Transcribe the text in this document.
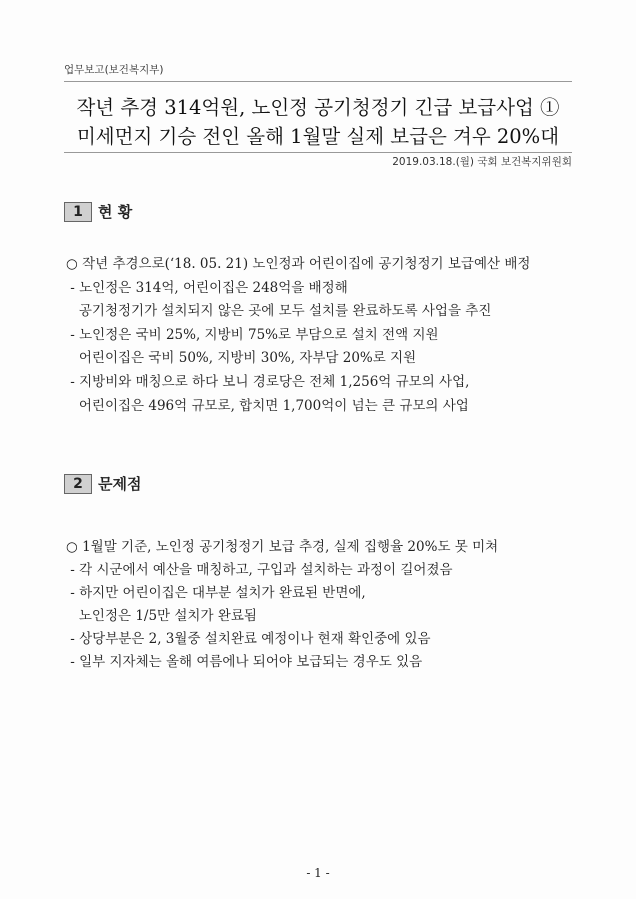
업무보고(보건복지부)
작년 추경 314억원, 노인정 공기청정기 긴급 보급사업 ①
미세먼지 기승 전인 올해 1월말 실제 보급은 겨우 20%대
2019.03.18.(월) 국회 보건복지위원회
1	현 황
○ 작년 추경으로(‘18. 05. 21) 노인정과 어린이집에 공기청정기 보급예산 배정
- 노인정은 314억, 어린이집은 248억을 배정해
공기청정기가 설치되지 않은 곳에 모두 설치를 완료하도록 사업을 추진
- 노인정은 국비 25%, 지방비 75%로 부담으로 설치 전액 지원
어린이집은 국비 50%, 지방비 30%, 자부담 20%로 지원
- 지방비와 매칭으로 하다 보니 경로당은 전체 1,256억 규모의 사업,
어린이집은 496억 규모로, 합치면 1,700억이 넘는 큰 규모의 사업
2	문제점
○ 1월말 기준, 노인정 공기청정기 보급 추경, 실제 집행율 20%도 못 미쳐
- 각 시군에서 예산을 매칭하고, 구입과 설치하는 과정이 길어졌음
- 하지만 어린이집은 대부분 설치가 완료된 반면에,
노인정은 1/5만 설치가 완료됨
- 상당부분은 2, 3월중 설치완료 예정이나 현재 확인중에 있음
- 일부 지자체는 올해 여름에나 되어야 보급되는 경우도 있음
- 1 -
